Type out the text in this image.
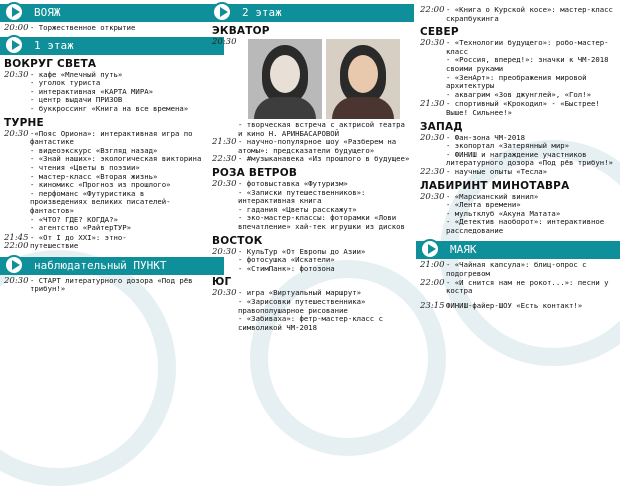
ВОЯЖ
20:00 - Торжественное открытие
1 этаж
ВОКРУГ СВЕТА
20:30 - кафе «Млечный путь»
- уголок туриста
- интерактивная «КАРТА МИРА»
- центр выдачи ПРИЗОВ
- буккроссинг «Книга на все времена»
ТУРНЕ
20:30 -«Пояс Ориона»: интерактивная игра по фантастике
- видеоэкскурс «Взгляд назад»
- «Знай наших»: экологическая викторина
- чтения «Цветы в поэзии»
- мастер-класс «Вторая жизнь»
- киномикс «Прогноз из прошлого»
- перфоманс «Футуристика в произведениях великих писателей-фантастов»
- «ЧТО? ГДЕ? КОГДА?»
- агентство «РайтерТУР»
21:45 - «От I до XXI»: этно-
22:00 путешествие
наблюдательный ПУНКТ
20:30 - СТАРТ литературного дозора «Под рёв трибун!»
2 этаж
ЭКВАТОР
20:30
- творческая встреча с актрисой театра и кино Н. АРИНБАСАРОВОЙ
21:30 - научно-популярное шоу «Разберем на атомы»: предсказатели будущего»
22:30 - #музыканавека «Из прошлого в будущее»
РОЗА ВЕТРОВ
20:30 - фотовыставка «Футуризм»
- «Записки путешественников»: интерактивная книга
- гадания «Цветы расскажут»
- эко-мастер-классы: фоторамки «Лови впечатление» хай-тек игрушки из дисков
ВОСТОК
20:30 - КульТур «От Европы до Азии»
- фотосушка «Искатели»
- «СтимПанк»: фотозона
ЮГ
20:30 - игра «Виртуальный маршрут»
- «Зарисовки путешественника» правополушарное рисование
- «Забиваха»: фетр-мастер-класс с символикой ЧМ-2018
22:00 - «Книга о Курской косе»: мастер-класс скрапбукинга
СЕВЕР
20:30 - «Технологии будущего»: робо-мастер-класс
- «Россия, вперед!»: значки к ЧМ-2018 своими руками
- «ЗенАрт»: преображения мировой архитектуры
- аквагрим «Зов джунглей», «Гол!»
21:30 - спортивный «Крокодил» - «Быстрее! Выше! Сильнее!»
ЗАПАД
20:30 - Фан-зона ЧМ-2018
- экопортал «Затерянный мир»
- ФИНИШ и награждение участников литературного дозора «Под рёв трибун!»
22:30 - научные опыты «Тесла»
ЛАБИРИНТ МИНОТАВРА
20:30 - «Марсианский винил»
- «Лента времени»
- мультклуб «Акуна Матата»
- «Детектив наоборот»: интерактивное расследование
МАЯК
21:00 - «Чайная капсула»: блиц-опрос с подогревом
22:00 - «И снится нам не рокот...»: песни у костра
23:15 ФИНИШ-файер-ШОУ «Есть контакт!»
